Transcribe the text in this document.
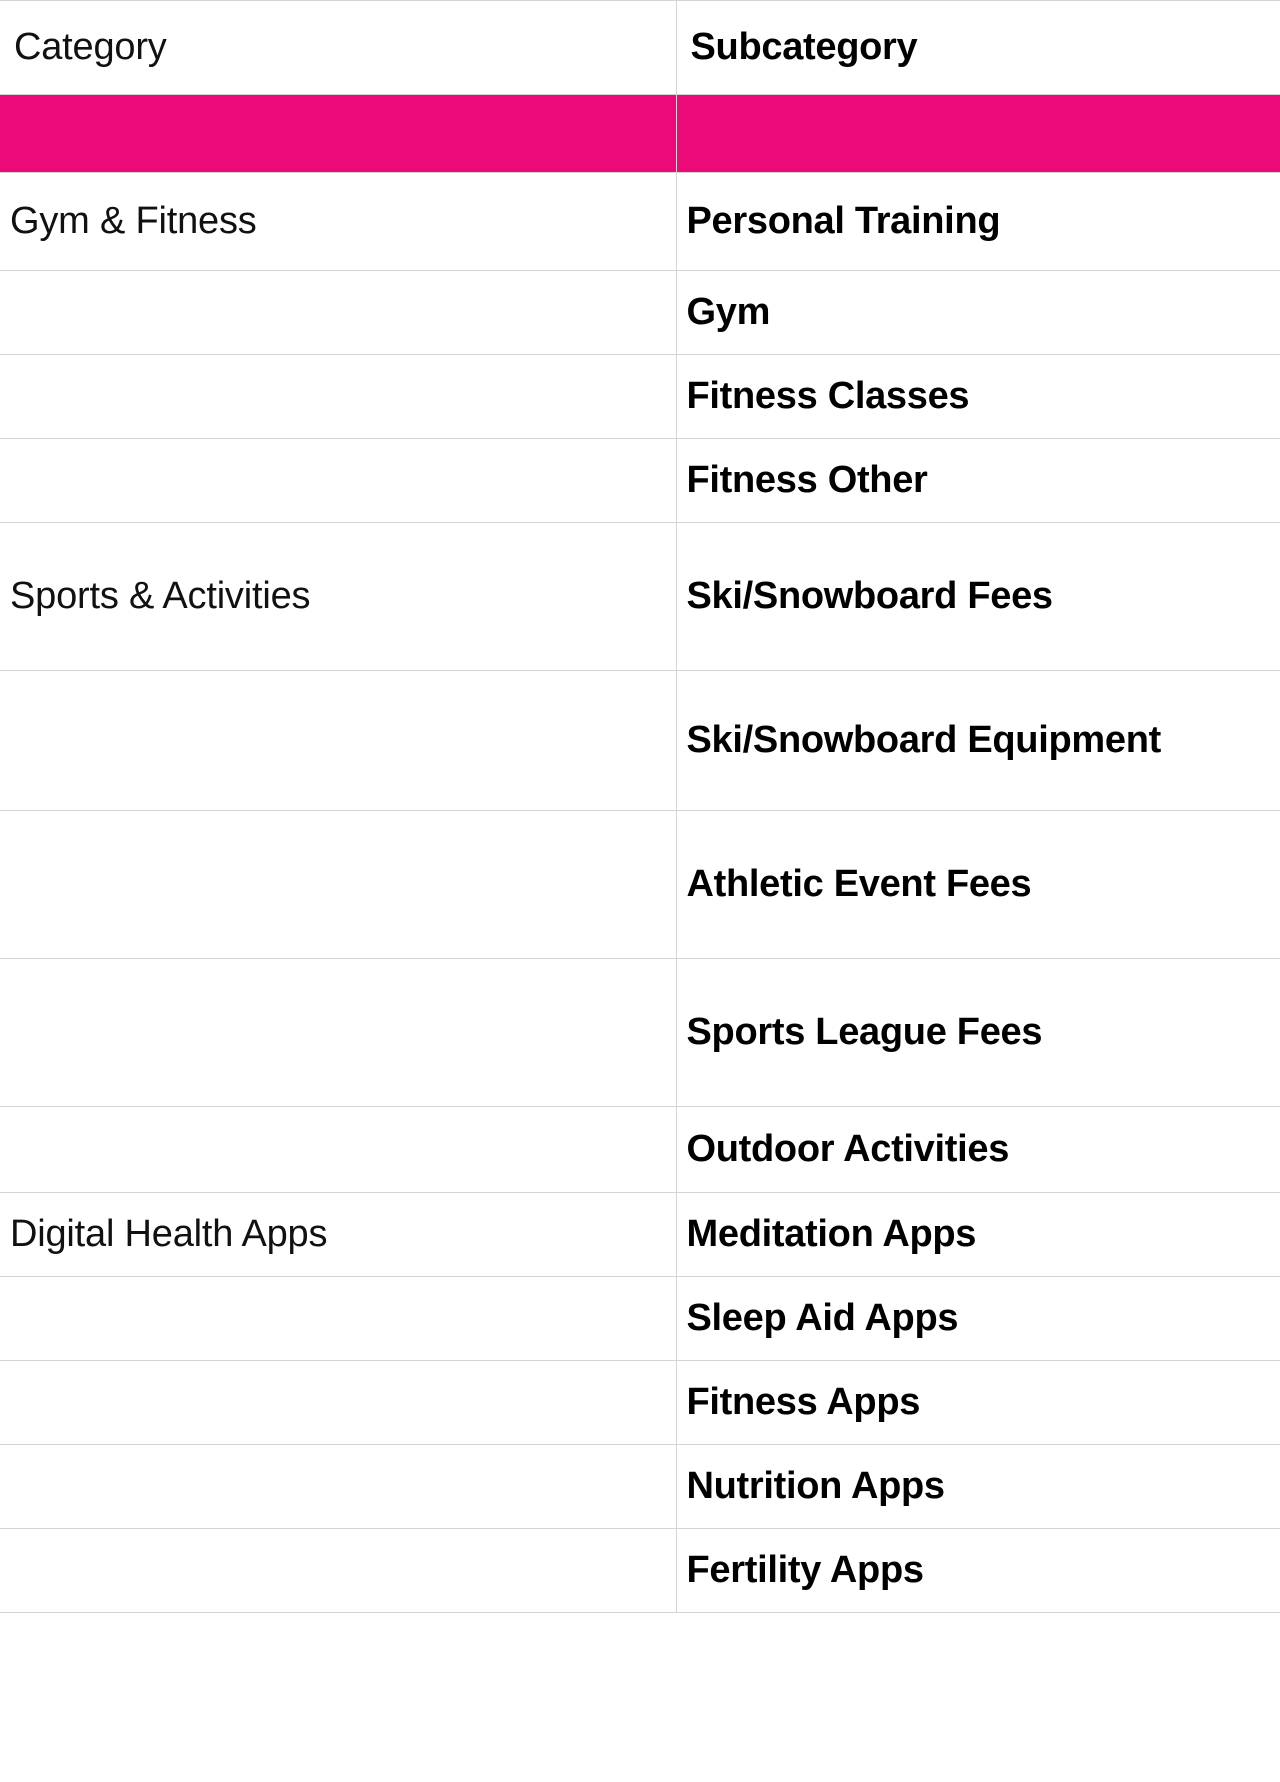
Category	Subcategory

Gym & Fitness	Personal Training
	Gym
	Fitness Classes
	Fitness Other
Sports & Activities	Ski/Snowboard Fees
	Ski/Snowboard Equipment
	Athletic Event Fees
	Sports League Fees
	Outdoor Activities
Digital Health Apps	Meditation Apps
	Sleep Aid Apps
	Fitness Apps
	Nutrition Apps
	Fertility Apps
